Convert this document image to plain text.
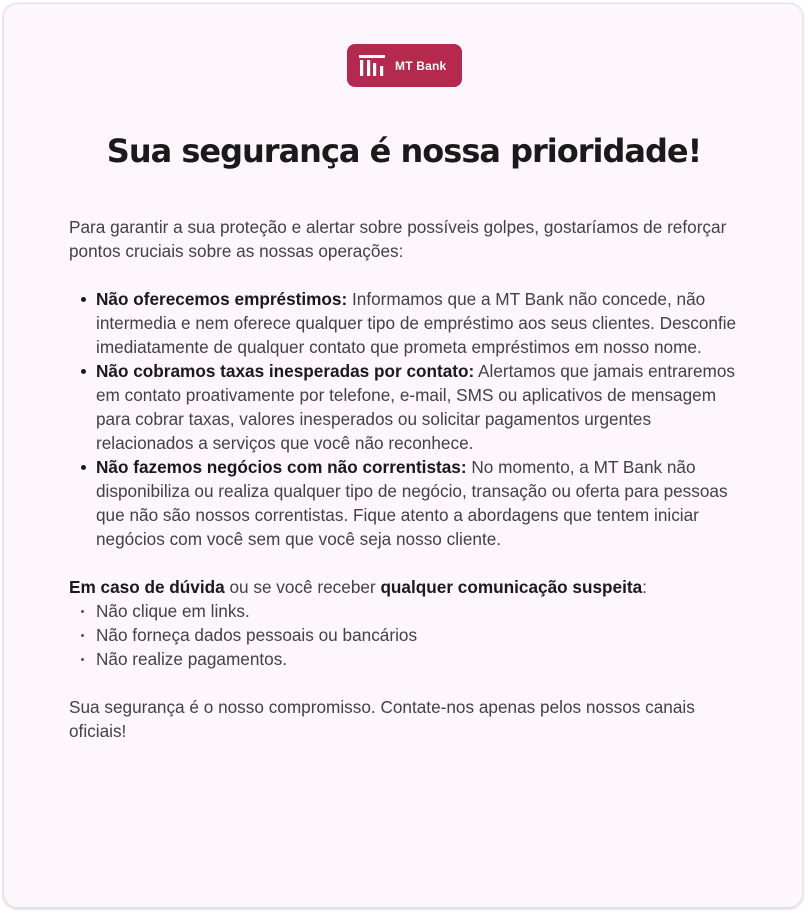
MT Bank
Sua segurança é nossa prioridade!

Para garantir a sua proteção e alertar sobre possíveis golpes, gostaríamos de reforçar pontos cruciais sobre as nossas operações:

Não oferecemos empréstimos: Informamos que a MT Bank não concede, não intermedia e nem oferece qualquer tipo de empréstimo aos seus clientes. Desconfie imediatamente de qualquer contato que prometa empréstimos em nosso nome.
Não cobramos taxas inesperadas por contato: Alertamos que jamais entraremos em contato proativamente por telefone, e-mail, SMS ou aplicativos de mensagem para cobrar taxas, valores inesperados ou solicitar pagamentos urgentes relacionados a serviços que você não reconhece.
Não fazemos negócios com não correntistas: No momento, a MT Bank não disponibiliza ou realiza qualquer tipo de negócio, transação ou oferta para pessoas que não são nossos correntistas. Fique atento a abordagens que tentem iniciar negócios com você sem que você seja nosso cliente.

Em caso de dúvida ou se você receber qualquer comunicação suspeita:

Não clique em links.
Não forneça dados pessoais ou bancários
Não realize pagamentos.

Sua segurança é o nosso compromisso. Contate-nos apenas pelos nossos canais oficiais!
